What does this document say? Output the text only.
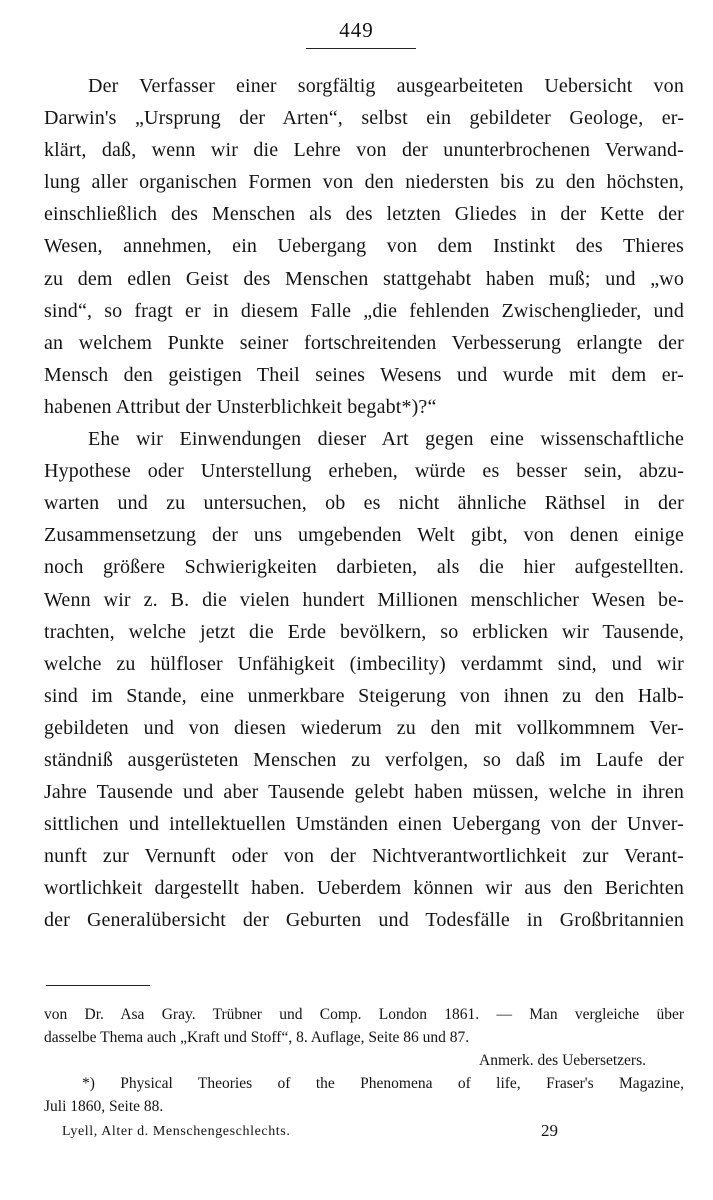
449
Der Verfasser einer sorgfältig ausgearbeiteten Uebersicht von
Darwin's „Ursprung der Arten“, selbst ein gebildeter Geologe, er-
klärt, daß, wenn wir die Lehre von der ununterbrochenen Verwand-
lung aller organischen Formen von den niedersten bis zu den höchsten,
einschließlich des Menschen als des letzten Gliedes in der Kette der
Wesen, annehmen, ein Uebergang von dem Instinkt des Thieres
zu dem edlen Geist des Menschen stattgehabt haben muß; und „wo
sind“, so fragt er in diesem Falle „die fehlenden Zwischenglieder, und
an welchem Punkte seiner fortschreitenden Verbesserung erlangte der
Mensch den geistigen Theil seines Wesens und wurde mit dem er-
habenen Attribut der Unsterblichkeit begabt*)?“
Ehe wir Einwendungen dieser Art gegen eine wissenschaftliche
Hypothese oder Unterstellung erheben, würde es besser sein, abzu-
warten und zu untersuchen, ob es nicht ähnliche Räthsel in der
Zusammensetzung der uns umgebenden Welt gibt, von denen einige
noch größere Schwierigkeiten darbieten, als die hier aufgestellten.
Wenn wir z. B. die vielen hundert Millionen menschlicher Wesen be-
trachten, welche jetzt die Erde bevölkern, so erblicken wir Tausende,
welche zu hülfloser Unfähigkeit (imbecility) verdammt sind, und wir
sind im Stande, eine unmerkbare Steigerung von ihnen zu den Halb-
gebildeten und von diesen wiederum zu den mit vollkommnem Ver-
ständniß ausgerüsteten Menschen zu verfolgen, so daß im Laufe der
Jahre Tausende und aber Tausende gelebt haben müssen, welche in ihren
sittlichen und intellektuellen Umständen einen Uebergang von der Unver-
nunft zur Vernunft oder von der Nichtverantwortlichkeit zur Verant-
wortlichkeit dargestellt haben. Ueberdem können wir aus den Berichten
der Generalübersicht der Geburten und Todesfälle in Großbritannien
von Dr. Asa Gray. Trübner und Comp. London 1861. — Man vergleiche über
dasselbe Thema auch „Kraft und Stoff“, 8. Auflage, Seite 86 und 87.
Anmerk. des Uebersetzers.
*) Physical Theories of the Phenomena of life, Fraser's Magazine,
Juli 1860, Seite 88.
Lyell, Alter d. Menschengeschlechts.	29
